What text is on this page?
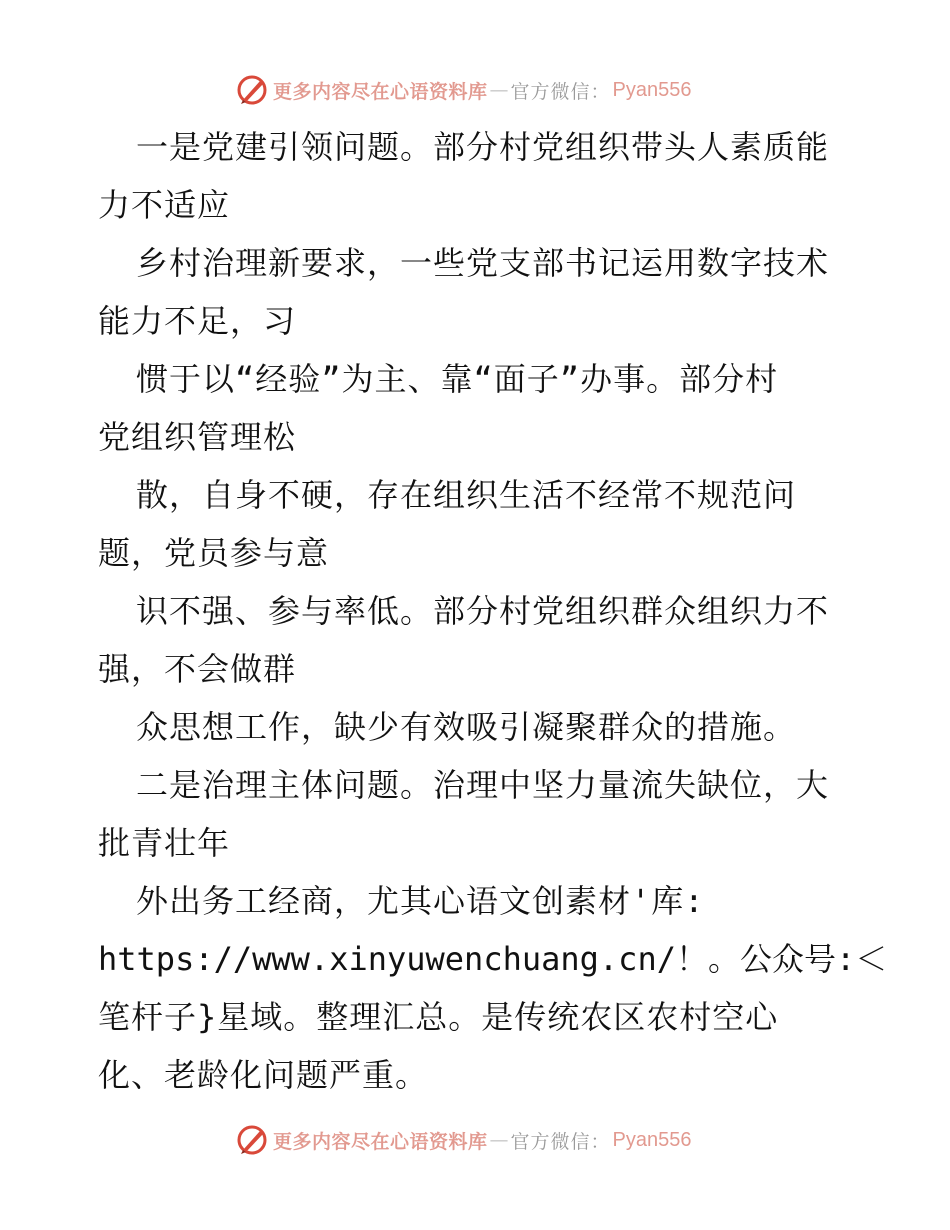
更多内容尽在心语资料库 — 官方微信： Pyan556
一是党建引领问题。部分村党组织带头人素质能
力不适应
乡村治理新要求，一些党支部书记运用数字技术
能力不足，习
惯于以“经验”为主、靠“面子”办事。部分村
党组织管理松
散，自身不硬，存在组织生活不经常不规范问
题，党员参与意
识不强、参与率低。部分村党组织群众组织力不
强，不会做群
众思想工作，缺少有效吸引凝聚群众的措施。
二是治理主体问题。治理中坚力量流失缺位，大
批青壮年
外出务工经商，尤其心语文创素材'库:
https://www.xinyuwenchuang.cn/！。公众号:＜
笔杆子}星域。整理汇总。是传统农区农村空心
化、老龄化问题严重。
更多内容尽在心语资料库 — 官方微信： Pyan556
